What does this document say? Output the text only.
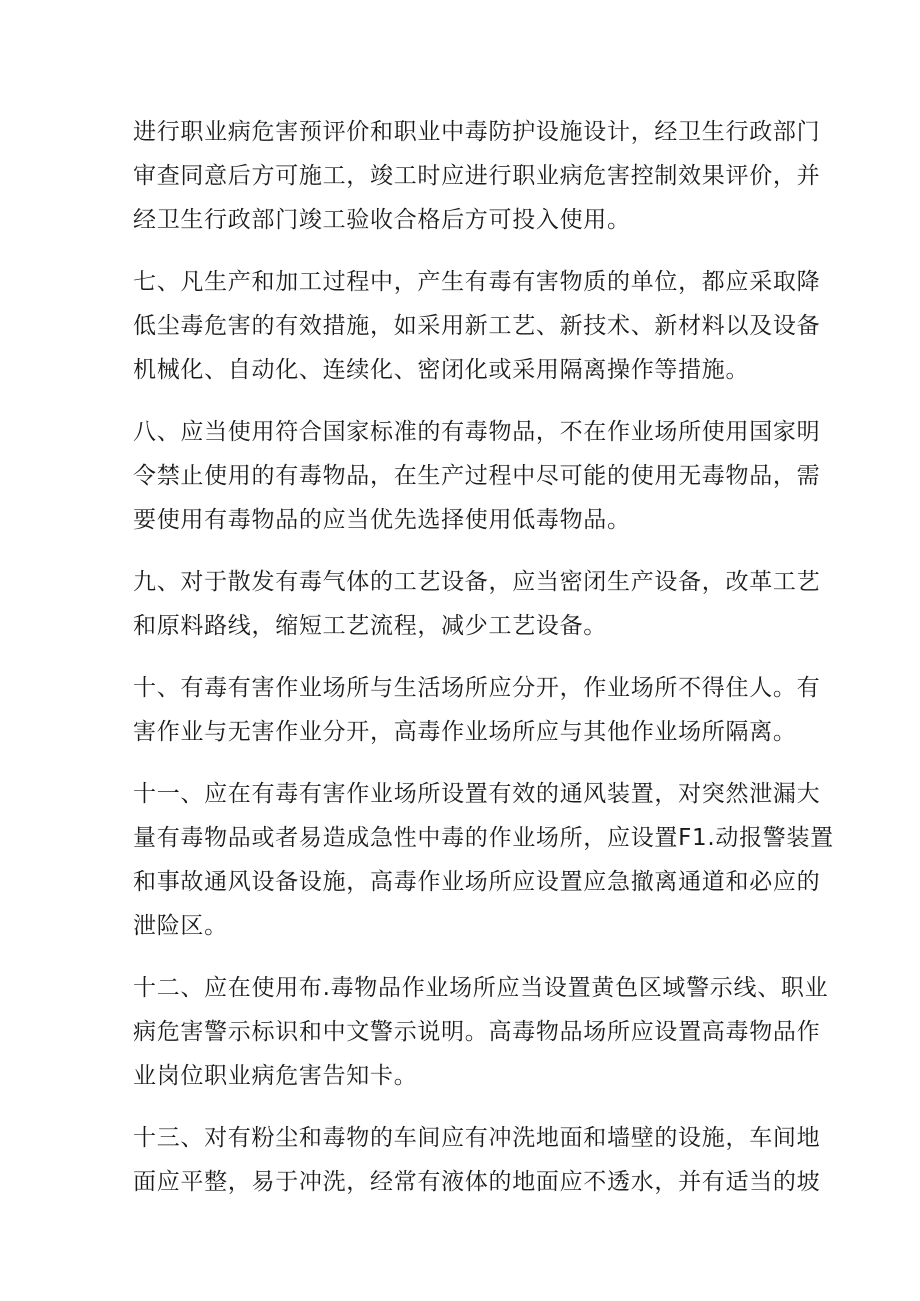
进行职业病危害预评价和职业中毒防护设施设计，经卫生行政部门
审查同意后方可施工，竣工时应进行职业病危害控制效果评价，并
经卫生行政部门竣工验收合格后方可投入使用。

七、凡生产和加工过程中，产生有毒有害物质的单位，都应采取降
低尘毒危害的有效措施，如采用新工艺、新技术、新材料以及设备
机械化、自动化、连续化、密闭化或采用隔离操作等措施。

八、应当使用符合国家标准的有毒物品，不在作业场所使用国家明
令禁止使用的有毒物品，在生产过程中尽可能的使用无毒物品，需
要使用有毒物品的应当优先选择使用低毒物品。

九、对于散发有毒气体的工艺设备，应当密闭生产设备，改革工艺
和原料路线，缩短工艺流程，减少工艺设备。

十、有毒有害作业场所与生活场所应分开，作业场所不得住人。有
害作业与无害作业分开，高毒作业场所应与其他作业场所隔离。

十一、应在有毒有害作业场所设置有效的通风装置，对突然泄漏大
量有毒物品或者易造成急性中毒的作业场所，应设置F1.动报警装置
和事故通风设备设施，高毒作业场所应设置应急撤离通道和必应的
泄险区。

十二、应在使用布.毒物品作业场所应当设置黄色区域警示线、职业
病危害警示标识和中文警示说明。高毒物品场所应设置高毒物品作
业岗位职业病危害告知卡。

十三、对有粉尘和毒物的车间应有冲洗地面和墙壁的设施，车间地
面应平整，易于冲洗，经常有液体的地面应不透水，并有适当的坡
